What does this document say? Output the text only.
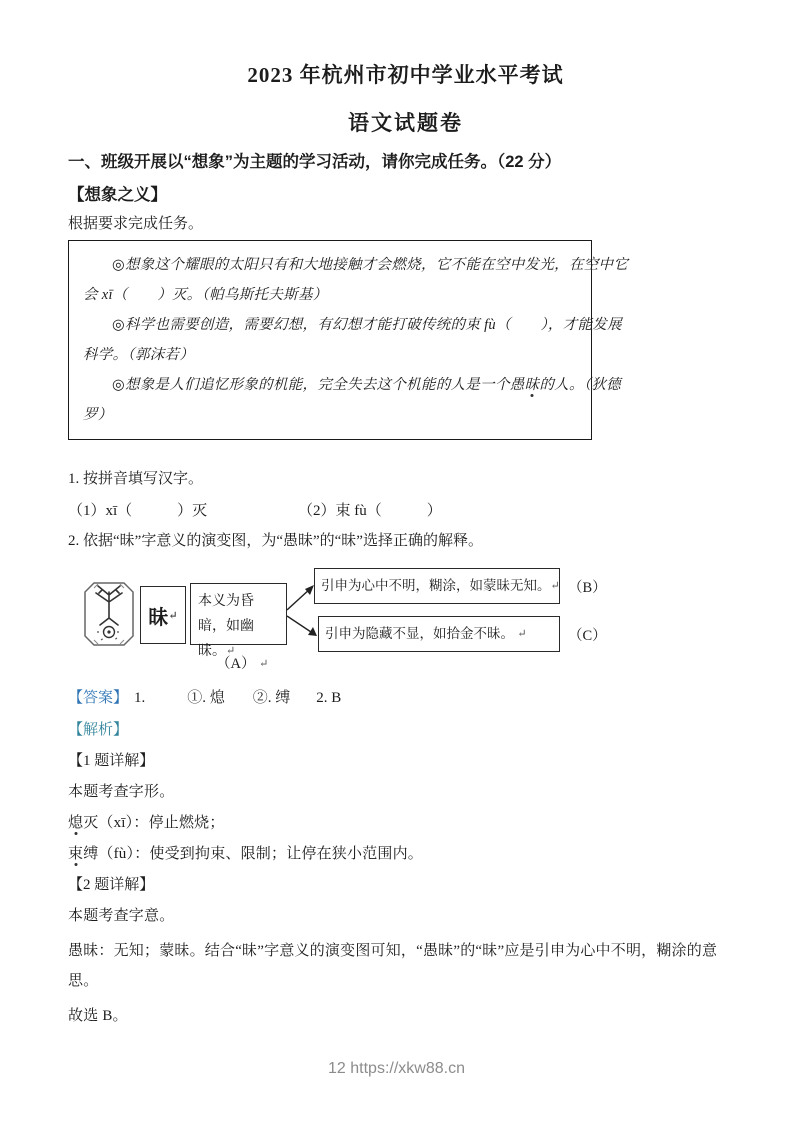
2023 年杭州市初中学业水平考试
语文试题卷
一、班级开展以“想象”为主题的学习活动，请你完成任务。（22 分）
【想象之义】
根据要求完成任务。
◎想象这个耀眼的太阳只有和大地接触才会燃烧，它不能在空中发光，在空中它
会 xī（　　）灭。（帕乌斯托夫斯基）
◎科学也需要创造，需要幻想，有幻想才能打破传统的束 fù（　　），才能发展
科学。（郭沫若）
◎想象是人们追忆形象的机能，完全失去这个机能的人是一个愚昧的人。（狄德
罗）
1. 按拼音填写汉字。
（1）xī（　　　）灭	（2）束 fù（　　　）
2. 依据“昧”字意义的演变图，为“愚昧”的“昧”选择正确的解释。
昧 ↵
本义为昏暗，如幽昧。↵
（A） ↵
引申为心中不明，糊涂，如蒙昧无知。↵ （B）
引申为隐藏不显，如拾金不昧。 ↵	（C）
【答案】 1.	①. 熄 ②. 缚 2. B
【解析】
【1 题详解】
本题考查字形。
熄灭（xī）：停止燃烧；
束缚（fù）：使受到拘束、限制；让停在狭小范围内。
【2 题详解】
本题考查字意。
愚昧：无知；蒙昧。结合“昧”字意义的演变图可知，“愚昧”的“昧”应是引申为心中不明，糊涂的意思。
故选 B。
12 https://xkw88.cn
